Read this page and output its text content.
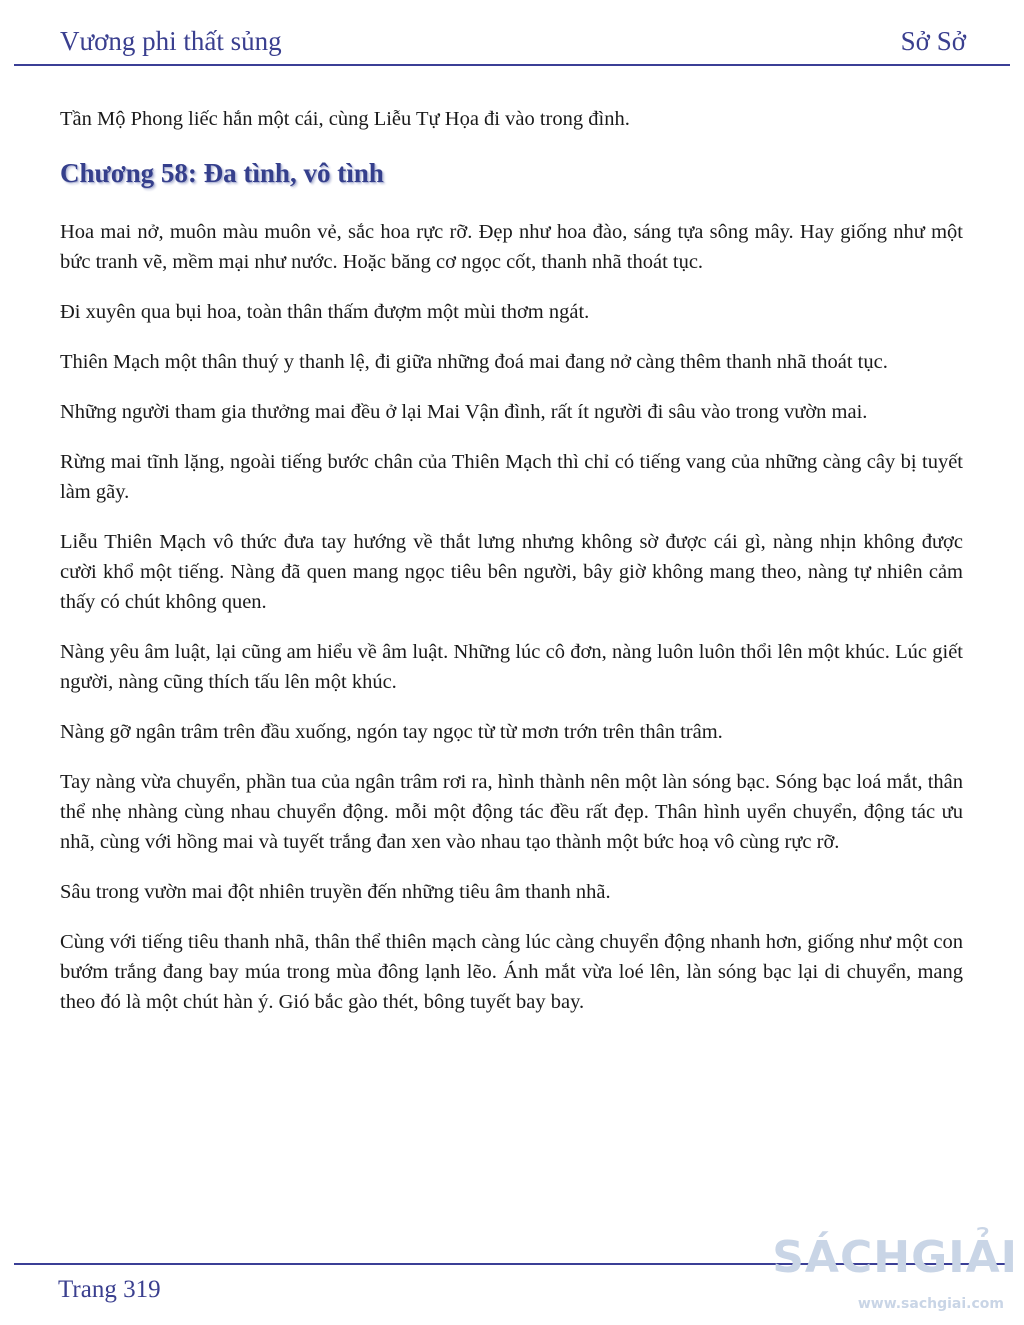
Vương phi thất sủng	Sở Sở

Tần Mộ Phong liếc hắn một cái, cùng Liễu Tự Họa đi vào trong đình.

Chương 58: Đa tình, vô tình

Hoa mai nở, muôn màu muôn vẻ, sắc hoa rực rỡ. Đẹp như hoa đào, sáng tựa sông mây. Hay giống như một bức tranh vẽ, mềm mại như nước. Hoặc băng cơ ngọc cốt, thanh nhã thoát tục.

Đi xuyên qua bụi hoa, toàn thân thấm đượm một mùi thơm ngát.

Thiên Mạch một thân thuý y thanh lệ, đi giữa những đoá mai đang nở càng thêm thanh nhã thoát tục.

Những người tham gia thưởng mai đều ở lại Mai Vận đình, rất ít người đi sâu vào trong vườn mai.

Rừng mai tĩnh lặng, ngoài tiếng bước chân của Thiên Mạch thì chỉ có tiếng vang của những càng cây bị tuyết làm gãy.

Liễu Thiên Mạch vô thức đưa tay hướng về thắt lưng nhưng không sờ được cái gì, nàng nhịn không được cười khổ một tiếng. Nàng đã quen mang ngọc tiêu bên người, bây giờ không mang theo, nàng tự nhiên cảm thấy có chút không quen.

Nàng yêu âm luật, lại cũng am hiểu về âm luật. Những lúc cô đơn, nàng luôn luôn thổi lên một khúc. Lúc giết người, nàng cũng thích tấu lên một khúc.

Nàng gỡ ngân trâm trên đầu xuống, ngón tay ngọc từ từ mơn trớn trên thân trâm.

Tay nàng vừa chuyển, phần tua của ngân trâm rơi ra, hình thành nên một làn sóng bạc. Sóng bạc loá mắt, thân thể nhẹ nhàng cùng nhau chuyển động. mỗi một động tác đều rất đẹp. Thân hình uyển chuyển, động tác ưu nhã, cùng với hồng mai và tuyết trắng đan xen vào nhau tạo thành một bức hoạ vô cùng rực rỡ.

Sâu trong vườn mai đột nhiên truyền đến những tiêu âm thanh nhã.

Cùng với tiếng tiêu thanh nhã, thân thể thiên mạch càng lúc càng chuyển động nhanh hơn, giống như một con bướm trắng đang bay múa trong mùa đông lạnh lẽo. Ánh mắt vừa loé lên, làn sóng bạc lại di chuyển, mang theo đó là một chút hàn ý. Gió bắc gào thét, bông tuyết bay bay.

Trang 319
SÁCHGIẢI
www.sachgiai.com
